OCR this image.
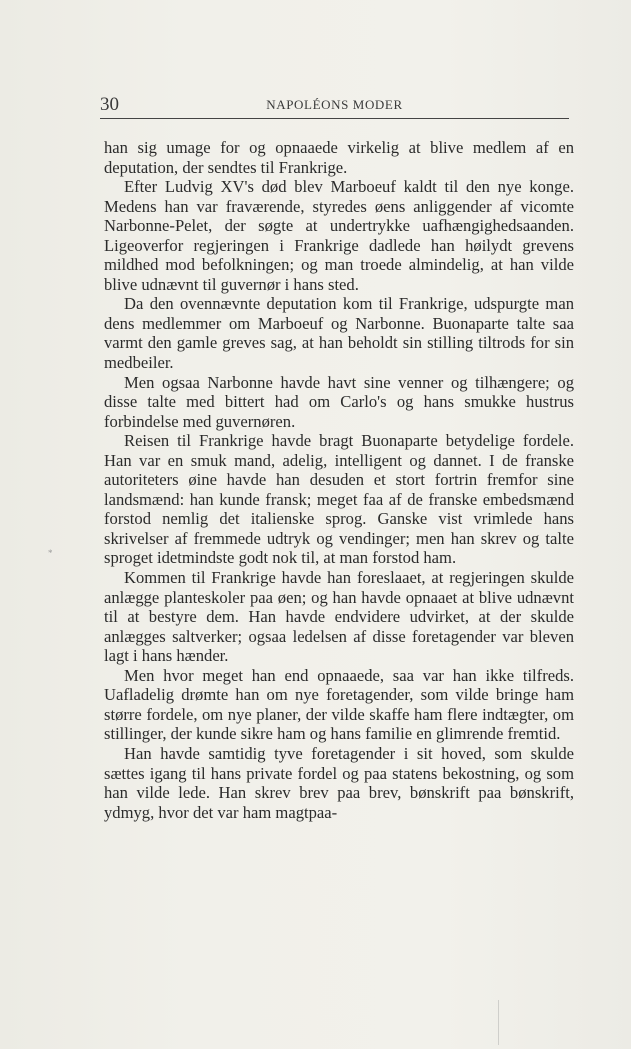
30	NAPOLÉONS MODER

han sig umage for og opnaaede virkelig at blive medlem af en deputation, der sendtes til Frankrige.

Efter Ludvig XV's død blev Marboeuf kaldt til den nye konge. Medens han var fraværende, styredes øens anliggender af vicomte Narbonne-Pelet, der søgte at undertrykke uafhængighedsaanden. Ligeoverfor regjeringen i Frankrige dadlede han høilydt grevens mildhed mod befolkningen; og man troede almindelig, at han vilde blive udnævnt til guvernør i hans sted.

Da den ovennævnte deputation kom til Frankrige, udspurgte man dens medlemmer om Marboeuf og Narbonne. Buonaparte talte saa varmt den gamle greves sag, at han beholdt sin stilling tiltrods for sin medbeiler.

Men ogsaa Narbonne havde havt sine venner og tilhængere; og disse talte med bittert had om Carlo's og hans smukke hustrus forbindelse med guvernøren.

Reisen til Frankrige havde bragt Buonaparte betydelige fordele. Han var en smuk mand, adelig, intelligent og dannet. I de franske autoriteters øine havde han desuden et stort fortrin fremfor sine landsmænd: han kunde fransk; meget faa af de franske embedsmænd forstod nemlig det italienske sprog. Ganske vist vrimlede hans skrivelser af fremmede udtryk og vendinger; men han skrev og talte sproget idetmindste godt nok til, at man forstod ham.

Kommen til Frankrige havde han foreslaaet, at regjeringen skulde anlægge planteskoler paa øen; og han havde opnaaet at blive udnævnt til at bestyre dem. Han havde endvidere udvirket, at der skulde anlægges saltverker; ogsaa ledelsen af disse foretagender var bleven lagt i hans hænder.

Men hvor meget han end opnaaede, saa var han ikke tilfreds. Uafladelig drømte han om nye foretagender, som vilde bringe ham større fordele, om nye planer, der vilde skaffe ham flere indtægter, om stillinger, der kunde sikre ham og hans familie en glimrende fremtid.

Han havde samtidig tyve foretagender i sit hoved, som skulde sættes igang til hans private fordel og paa statens bekostning, og som han vilde lede. Han skrev brev paa brev, bønskrift paa bønskrift, ydmyg, hvor det var ham magtpaa-

*
